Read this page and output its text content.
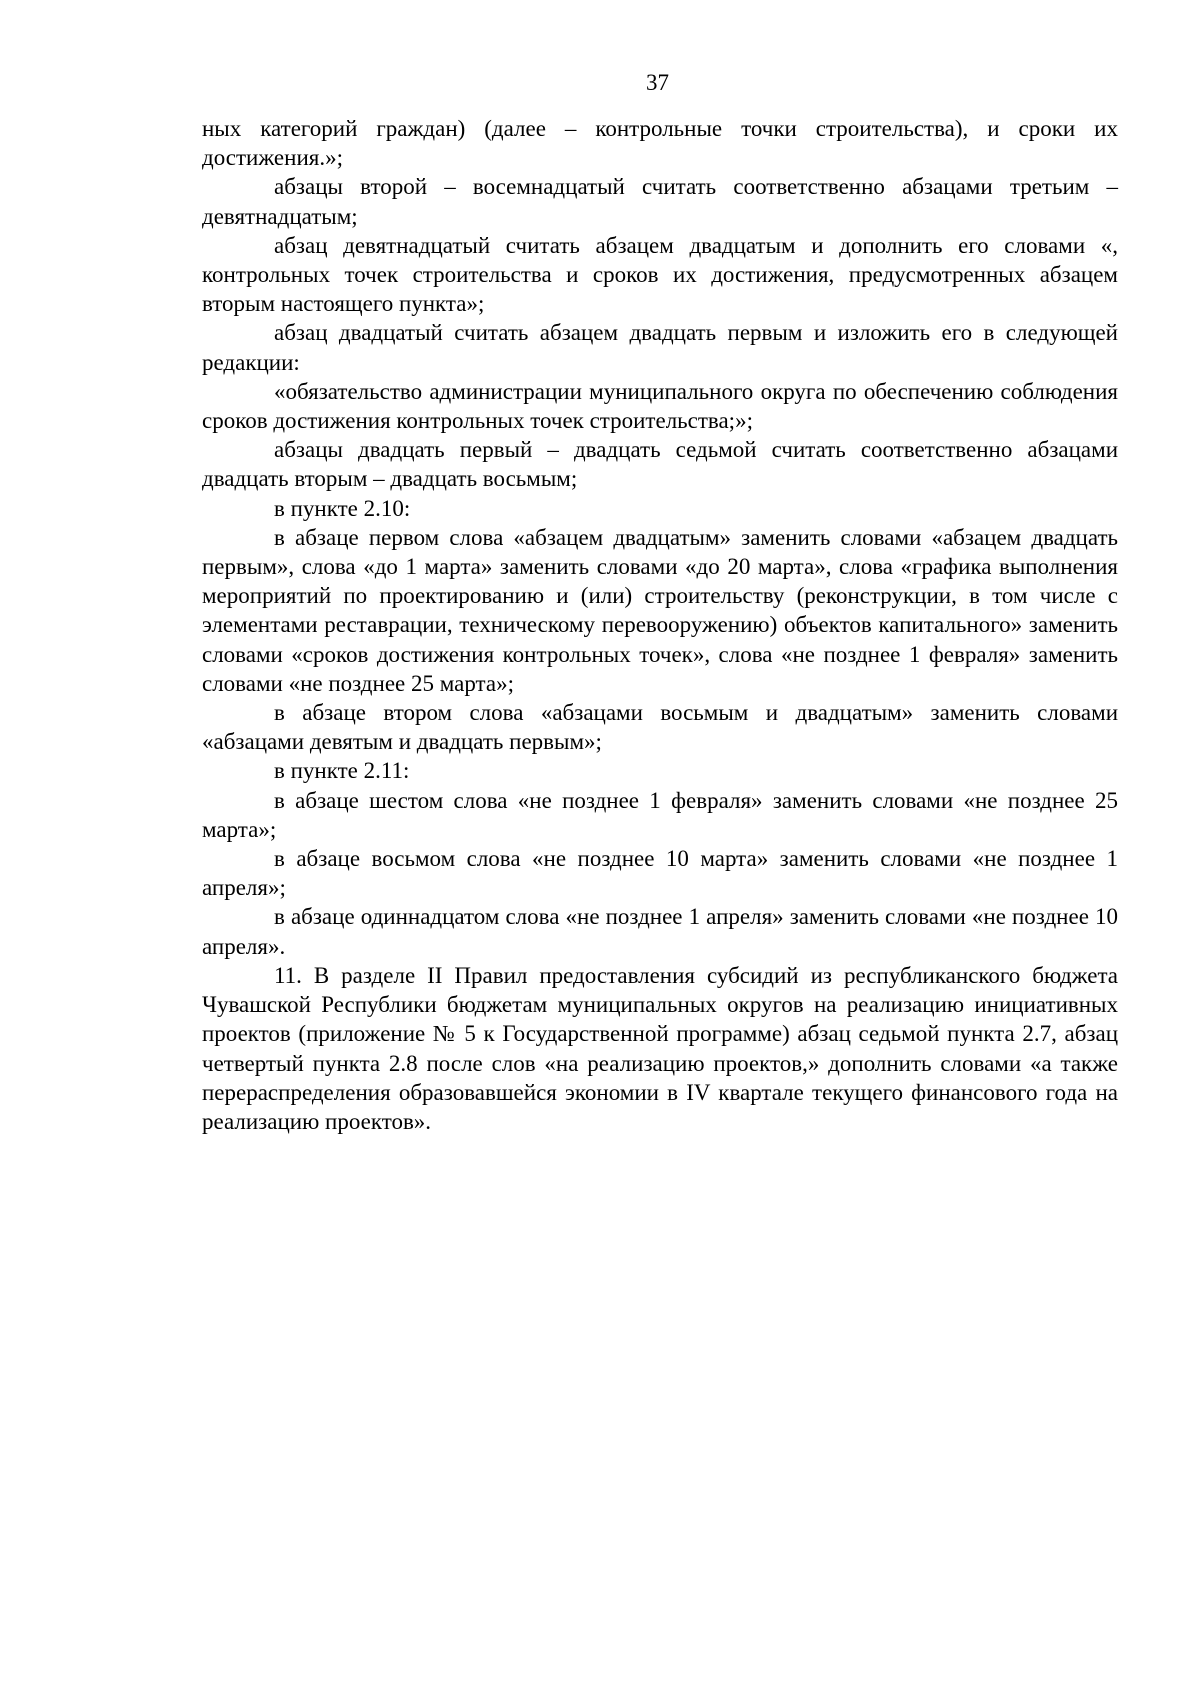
37

ных категорий граждан) (далее – контрольные точки строительства), и сроки их достижения.»;

абзацы второй – восемнадцатый считать соответственно абзацами третьим – девятнадцатым;

абзац девятнадцатый считать абзацем двадцатым и дополнить его словами «, контрольных точек строительства и сроков их достижения, предусмотренных абзацем вторым настоящего пункта»;

абзац двадцатый считать абзацем двадцать первым и изложить его в следующей редакции:

«обязательство администрации муниципального округа по обеспечению соблюдения сроков достижения контрольных точек строительства;»;

абзацы двадцать первый – двадцать седьмой считать соответственно абзацами двадцать вторым – двадцать восьмым;

в пункте 2.10:

в абзаце первом слова «абзацем двадцатым» заменить словами «абзацем двадцать первым», слова «до 1 марта» заменить словами «до 20 марта», слова «графика выполнения мероприятий по проектированию и (или) строительству (реконструкции, в том числе с элементами реставрации, техническому перевооружению) объектов капитального» заменить словами «сроков достижения контрольных точек», слова «не позднее 1 февраля» заменить словами «не позднее 25 марта»;

в абзаце втором слова «абзацами восьмым и двадцатым» заменить словами «абзацами девятым и двадцать первым»;

в пункте 2.11:

в абзаце шестом слова «не позднее 1 февраля» заменить словами «не позднее 25 марта»;

в абзаце восьмом слова «не позднее 10 марта» заменить словами «не позднее 1 апреля»;

в абзаце одиннадцатом слова «не позднее 1 апреля» заменить словами «не позднее 10 апреля».

11. В разделе II Правил предоставления субсидий из республиканского бюджета Чувашской Республики бюджетам муниципальных округов на реализацию инициативных проектов (приложение № 5 к Государственной программе) абзац седьмой пункта 2.7, абзац четвертый пункта 2.8 после слов «на реализацию проектов,» дополнить словами «а также перераспределения образовавшейся экономии в IV квартале текущего финансового года на реализацию проектов».
